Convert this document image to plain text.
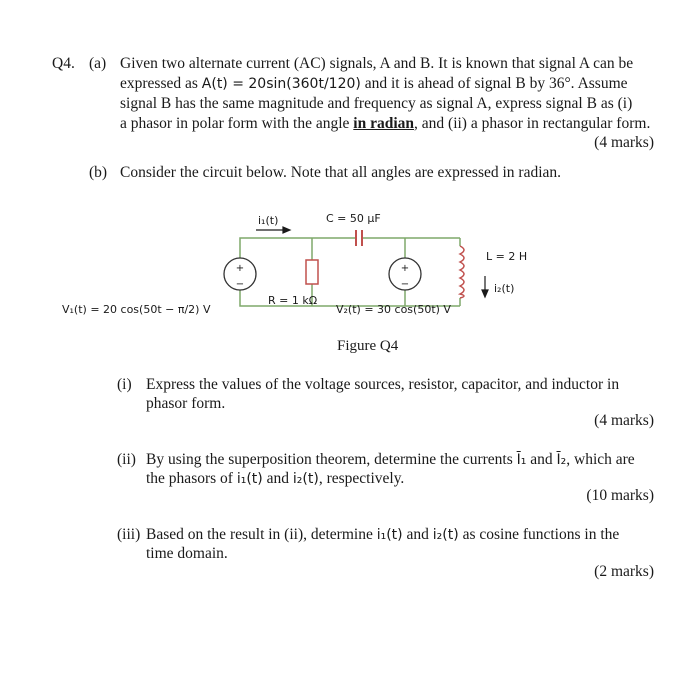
Q4. (a) Given two alternate current (AC) signals, A and B. It is known that signal A can be
expressed as A(t) = 20sin(360t/120) and it is ahead of signal B by 36°. Assume
signal B has the same magnitude and frequency as signal A, express signal B as (i)
a phasor in polar form with the angle in radian, and (ii) a phasor in rectangular form.
(4 marks)
(b) Consider the circuit below. Note that all angles are expressed in radian.
+
−
+
−
i₁(t)	C = 50 μF
L = 2 H
i₂(t)
R = 1 kΩ
V₁(t) = 20 cos(50t − π/2) V	V₂(t) = 30 cos(50t) V
Figure Q4
(i) Express the values of the voltage sources, resistor, capacitor, and inductor in
phasor form.
(4 marks)
(ii) By using the superposition theorem, determine the currents Ī₁ and Ī₂, which are
the phasors of i₁(t) and i₂(t), respectively.
(10 marks)
(iii) Based on the result in (ii), determine i₁(t) and i₂(t) as cosine functions in the
time domain.
(2 marks)
